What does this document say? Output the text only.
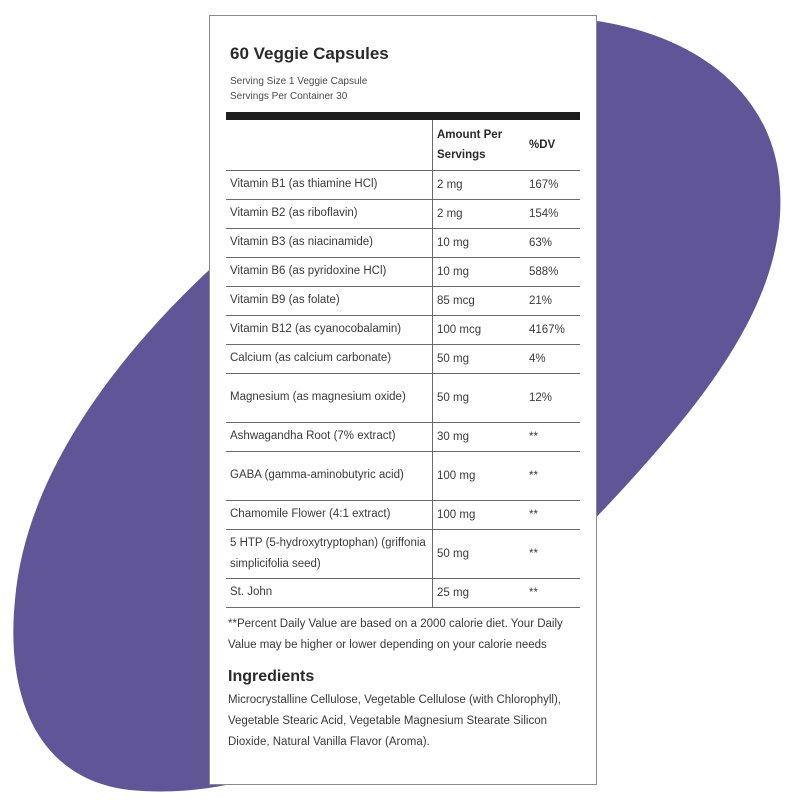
60 Veggie Capsules
Serving Size 1 Veggie Capsule
Servings Per Container 30
	Amount Per Servings	%DV
Vitamin B1 (as thiamine HCl)	2 mg	167%
Vitamin B2 (as riboflavin)	2 mg	154%
Vitamin B3 (as niacinamide)	10 mg	63%
Vitamin B6 (as pyridoxine HCl)	10 mg	588%
Vitamin B9 (as folate)	85 mcg	21%
Vitamin B12 (as cyanocobalamin)	100 mcg	4167%
Calcium (as calcium carbonate)	50 mg	4%
Magnesium (as magnesium oxide)	50 mg	12%
Ashwagandha Root (7% extract)	30 mg	**
GABA (gamma-aminobutyric acid)	100 mg	**
Chamomile Flower (4:1 extract)	100 mg	**
5 HTP (5-hydroxytryptophan) (griffonia simplicifolia seed)	50 mg	**
St. John	25 mg	**
**Percent Daily Value are based on a 2000 calorie diet. Your Daily Value may be higher or lower depending on your calorie needs
Ingredients
Microcrystalline Cellulose, Vegetable Cellulose (with Chlorophyll), Vegetable Stearic Acid, Vegetable Magnesium Stearate Silicon Dioxide, Natural Vanilla Flavor (Aroma).
